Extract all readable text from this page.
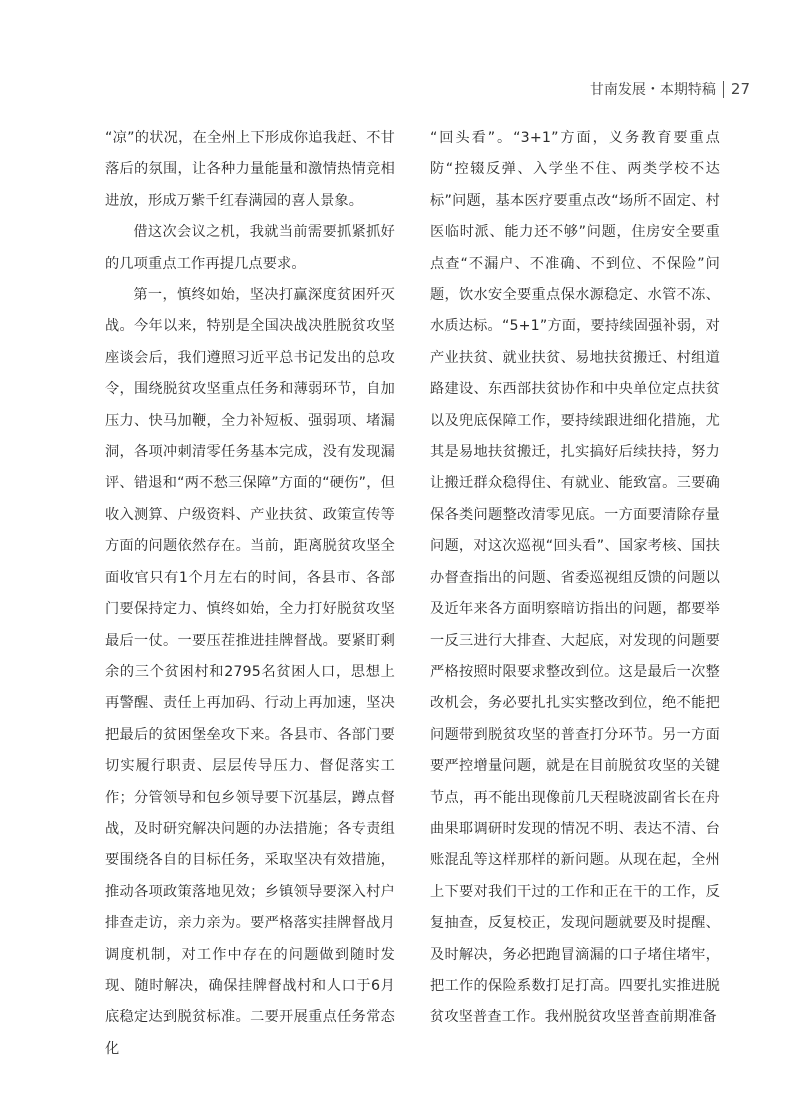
甘南发展・本期特稿 27

“凉”的状况，在全州上下形成你追我赶、不甘落后的氛围，让各种力量能量和激情热情竞相进放，形成万紫千红春满园的喜人景象。

借这次会议之机，我就当前需要抓紧抓好的几项重点工作再提几点要求。

第一，慎终如始，坚决打赢深度贫困歼灭战。今年以来，特别是全国决战决胜脱贫攻坚座谈会后，我们遵照习近平总书记发出的总攻令，围绕脱贫攻坚重点任务和薄弱环节，自加压力、快马加鞭，全力补短板、强弱项、堵漏洞，各项冲刺清零任务基本完成，没有发现漏评、错退和“两不愁三保障”方面的“硬伤”，但收入测算、户级资料、产业扶贫、政策宣传等方面的问题依然存在。当前，距离脱贫攻坚全面收官只有1个月左右的时间，各县市、各部门要保持定力、慎终如始，全力打好脱贫攻坚最后一仗。一要压茬推进挂牌督战。要紧盯剩余的三个贫困村和2795名贫困人口，思想上再警醒、责任上再加码、行动上再加速，坚决把最后的贫困堡垒攻下来。各县市、各部门要切实履行职责、层层传导压力、督促落实工作；分管领导和包乡领导要下沉基层，蹲点督战，及时研究解决问题的办法措施；各专责组要围绕各自的目标任务，采取坚决有效措施，推动各项政策落地见效；乡镇领导要深入村户排查走访，亲力亲为。要严格落实挂牌督战月调度机制，对工作中存在的问题做到随时发现、随时解决，确保挂牌督战村和人口于6月底稳定达到脱贫标准。二要开展重点任务常态化

“回头看”。“3+1”方面，义务教育要重点防“控辍反弹、入学坐不住、两类学校不达标”问题，基本医疗要重点改“场所不固定、村医临时派、能力还不够”问题，住房安全要重点查“不漏户、不准确、不到位、不保险”问题，饮水安全要重点保水源稳定、水管不冻、水质达标。“5+1”方面，要持续固强补弱，对产业扶贫、就业扶贫、易地扶贫搬迁、村组道路建设、东西部扶贫协作和中央单位定点扶贫以及兜底保障工作，要持续跟进细化措施，尤其是易地扶贫搬迁，扎实搞好后续扶持，努力让搬迁群众稳得住、有就业、能致富。三要确保各类问题整改清零见底。一方面要清除存量问题，对这次巡视“回头看”、国家考核、国扶办督查指出的问题、省委巡视组反馈的问题以及近年来各方面明察暗访指出的问题，都要举一反三进行大排查、大起底，对发现的问题要严格按照时限要求整改到位。这是最后一次整改机会，务必要扎扎实实整改到位，绝不能把问题带到脱贫攻坚的普查打分环节。另一方面要严控增量问题，就是在目前脱贫攻坚的关键节点，再不能出现像前几天程晓波副省长在舟曲果耶调研时发现的情况不明、表达不清、台账混乱等这样那样的新问题。从现在起，全州上下要对我们干过的工作和正在干的工作，反复抽查，反复校正，发现问题就要及时提醒、及时解决，务必把跑冒滴漏的口子堵住堵牢，把工作的保险系数打足打高。四要扎实推进脱贫攻坚普查工作。我州脱贫攻坚普查前期准备
